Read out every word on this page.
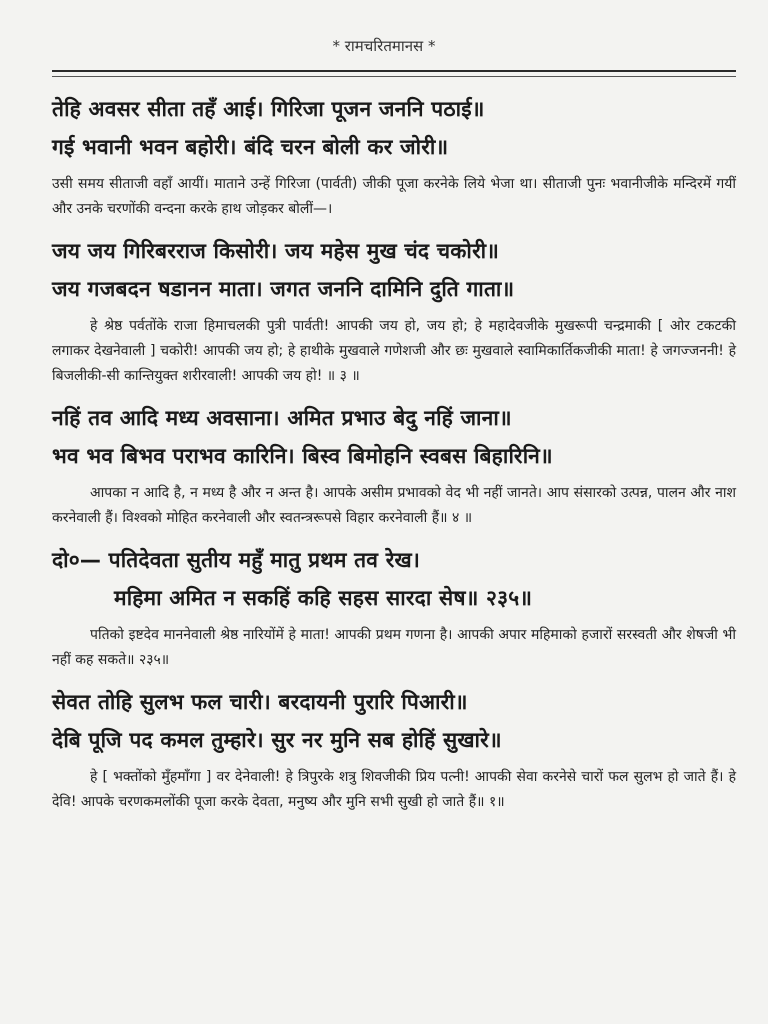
* रामचरितमानस *
तेहि अवसर सीता तहँ आई। गिरिजा पूजन जननि पठाई॥
गई भवानी भवन बहोरी। बंदि चरन बोली कर जोरी॥
उसी समय सीताजी वहाँ आयीं। माताने उन्हें गिरिजा (पार्वती) जीकी पूजा करनेके लिये भेजा था। सीताजी पुनः भवानीजीके मन्दिरमें गयीं और उनके चरणोंकी वन्दना करके हाथ जोड़कर बोलीं—।
जय जय गिरिबरराज किसोरी। जय महेस मुख चंद चकोरी॥
जय गजबदन षडानन माता। जगत जननि दामिनि दुति गाता॥
हे श्रेष्ठ पर्वतोंके राजा हिमाचलकी पुत्री पार्वती! आपकी जय हो, जय हो; हे महादेवजीके मुखरूपी चन्द्रमाकी [ ओर टकटकी लगाकर देखनेवाली ] चकोरी! आपकी जय हो; हे हाथीके मुखवाले गणेशजी और छः मुखवाले स्वामिकार्तिकजीकी माता! हे जगज्जननी! हे बिजलीकी-सी कान्तियुक्त शरीरवाली! आपकी जय हो! ॥ ३ ॥
नहिं तव आदि मध्य अवसाना। अमित प्रभाउ बेदु नहिं जाना॥
भव भव बिभव पराभव कारिनि। बिस्व बिमोहनि स्वबस बिहारिनि॥
आपका न आदि है, न मध्य है और न अन्त है। आपके असीम प्रभावको वेद भी नहीं जानते। आप संसारको उत्पन्न, पालन और नाश करनेवाली हैं। विश्वको मोहित करनेवाली और स्वतन्त्ररूपसे विहार करनेवाली हैं॥ ४ ॥
दो०— पतिदेवता सुतीय महुँ मातु प्रथम तव रेख।
महिमा अमित न सकहिं कहि सहस सारदा सेष॥ २३५॥
पतिको इष्टदेव माननेवाली श्रेष्ठ नारियोंमें हे माता! आपकी प्रथम गणना है। आपकी अपार महिमाको हजारों सरस्वती और शेषजी भी नहीं कह सकते॥ २३५॥
सेवत तोहि सुलभ फल चारी। बरदायनी पुरारि पिआरी॥
देबि पूजि पद कमल तुम्हारे। सुर नर मुनि सब होहिं सुखारे॥
हे [ भक्तोंको मुँहमाँगा ] वर देनेवाली! हे त्रिपुरके शत्रु शिवजीकी प्रिय पत्नी! आपकी सेवा करनेसे चारों फल सुलभ हो जाते हैं। हे देवि! आपके चरणकमलोंकी पूजा करके देवता, मनुष्य और मुनि सभी सुखी हो जाते हैं॥ १॥
